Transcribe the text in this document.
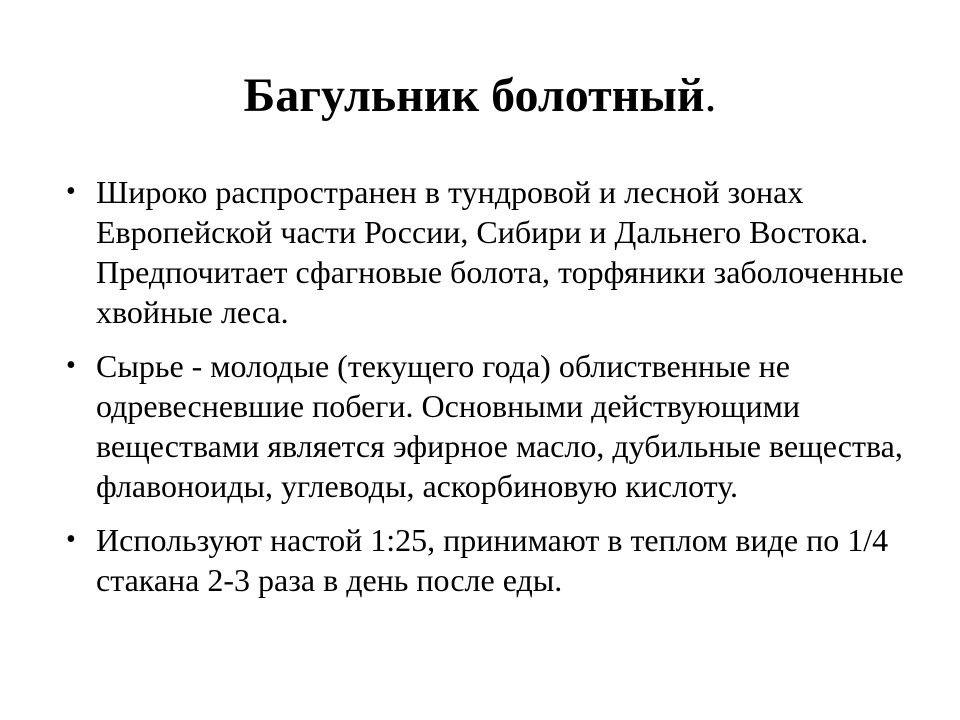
Багульник болотный.
• Широко распространен в тундровой и лесной зонах Европейской части России, Сибири и Дальнего Востока. Предпочитает сфагновые болота, торфяники заболоченные хвойные леса.
• Сырье - молодые (текущего года) облиственные не одревесневшие побеги. Основными действующими веществами является эфирное масло, дубильные вещества, флавоноиды, углеводы, аскорбиновую кислоту.
• Используют настой 1:25, принимают в теплом виде по 1/4 стакана 2-3 раза в день после еды.
